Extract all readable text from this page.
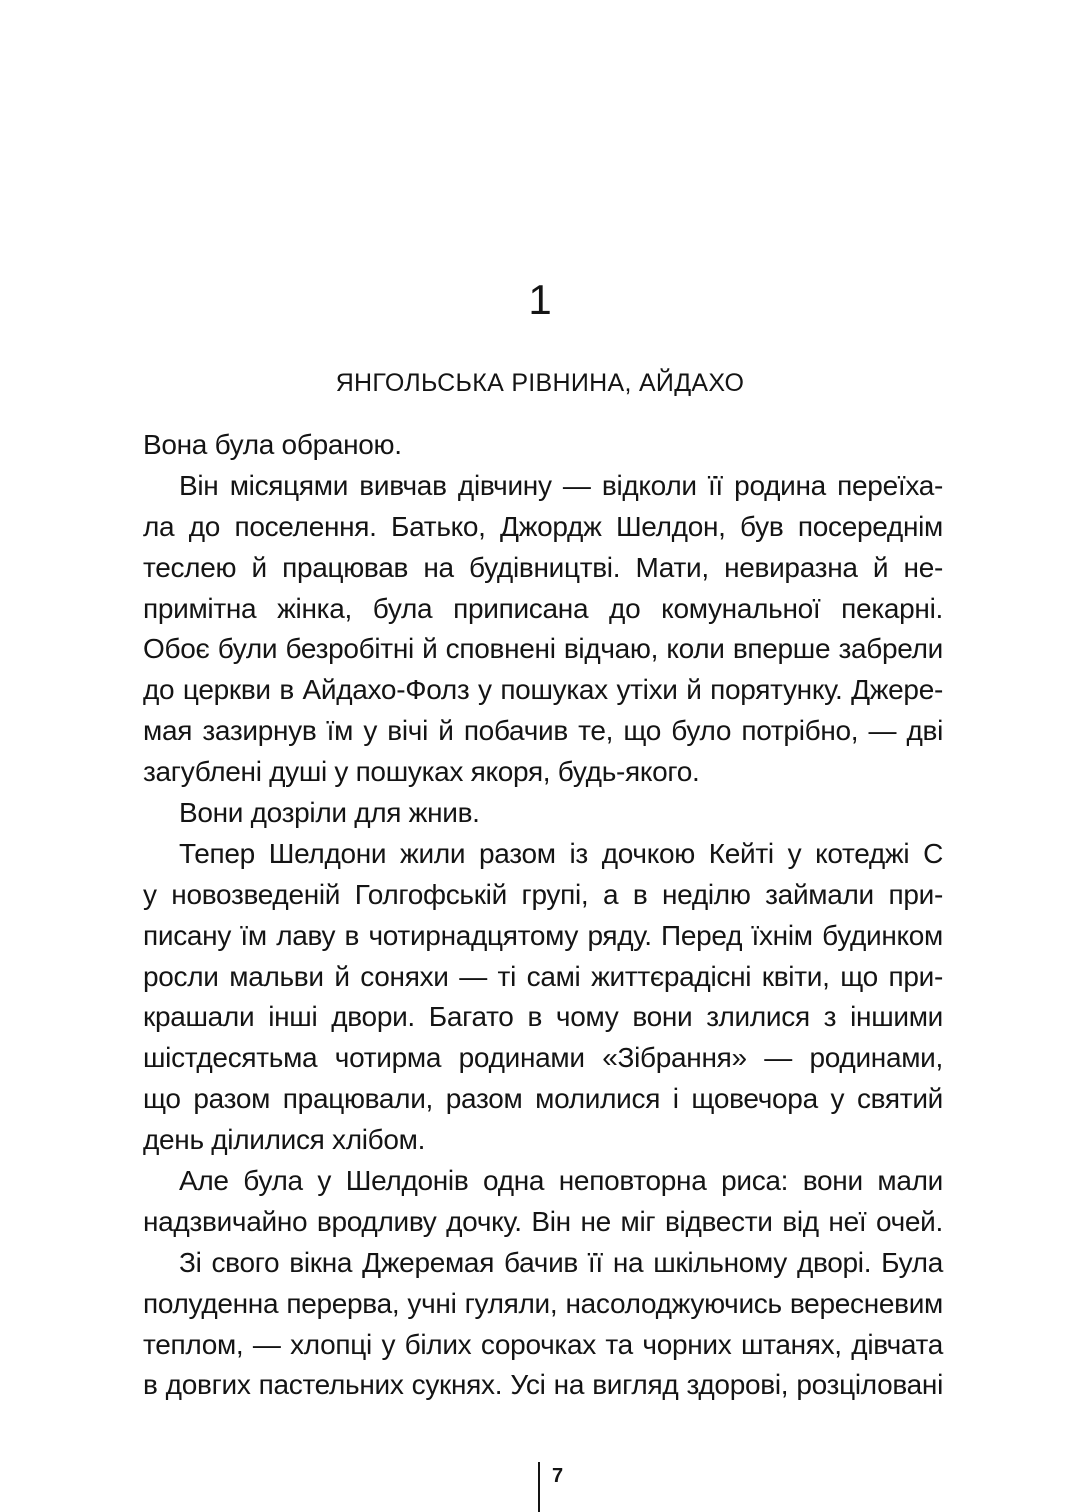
1
ЯНГОЛЬСЬКА РІВНИНА, АЙДАХО
Вона була обраною.
Він місяцями вивчав дівчину — відколи її родина переїха-
ла до поселення. Батько, Джордж Шелдон, був посереднім
теслею й працював на будівництві. Мати, невиразна й не-
примітна жінка, була приписана до комунальної пекарні.
Обоє були безробітні й сповнені відчаю, коли вперше забрели
до церкви в Айдахо-Фолз у пошуках утіхи й порятунку. Джере-
мая зазирнув їм у вічі й побачив те, що було потрібно, — дві
загублені душі у пошуках якоря, будь-якого.
Вони дозріли для жнив.
Тепер Шелдони жили разом із дочкою Кейті у котеджі С
у новозведеній Голгофській групі, а в неділю займали при-
писану їм лаву в чотирнадцятому ряду. Перед їхнім будинком
росли мальви й соняхи — ті самі життєрадісні квіти, що при-
крашали інші двори. Багато в чому вони злилися з іншими
шістдесятьма чотирма родинами «Зібрання» — родинами,
що разом працювали, разом молилися і щовечора у святий
день ділилися хлібом.
Але була у Шелдонів одна неповторна риса: вони мали
надзвичайно вродливу дочку. Він не міг відвести від неї очей.
Зі свого вікна Джеремая бачив її на шкільному дворі. Була
полуденна перерва, учні гуляли, насолоджуючись вересневим
теплом, — хлопці у білих сорочках та чорних штанях, дівчата
в довгих пастельних сукнях. Усі на вигляд здорові, розціловані
7
